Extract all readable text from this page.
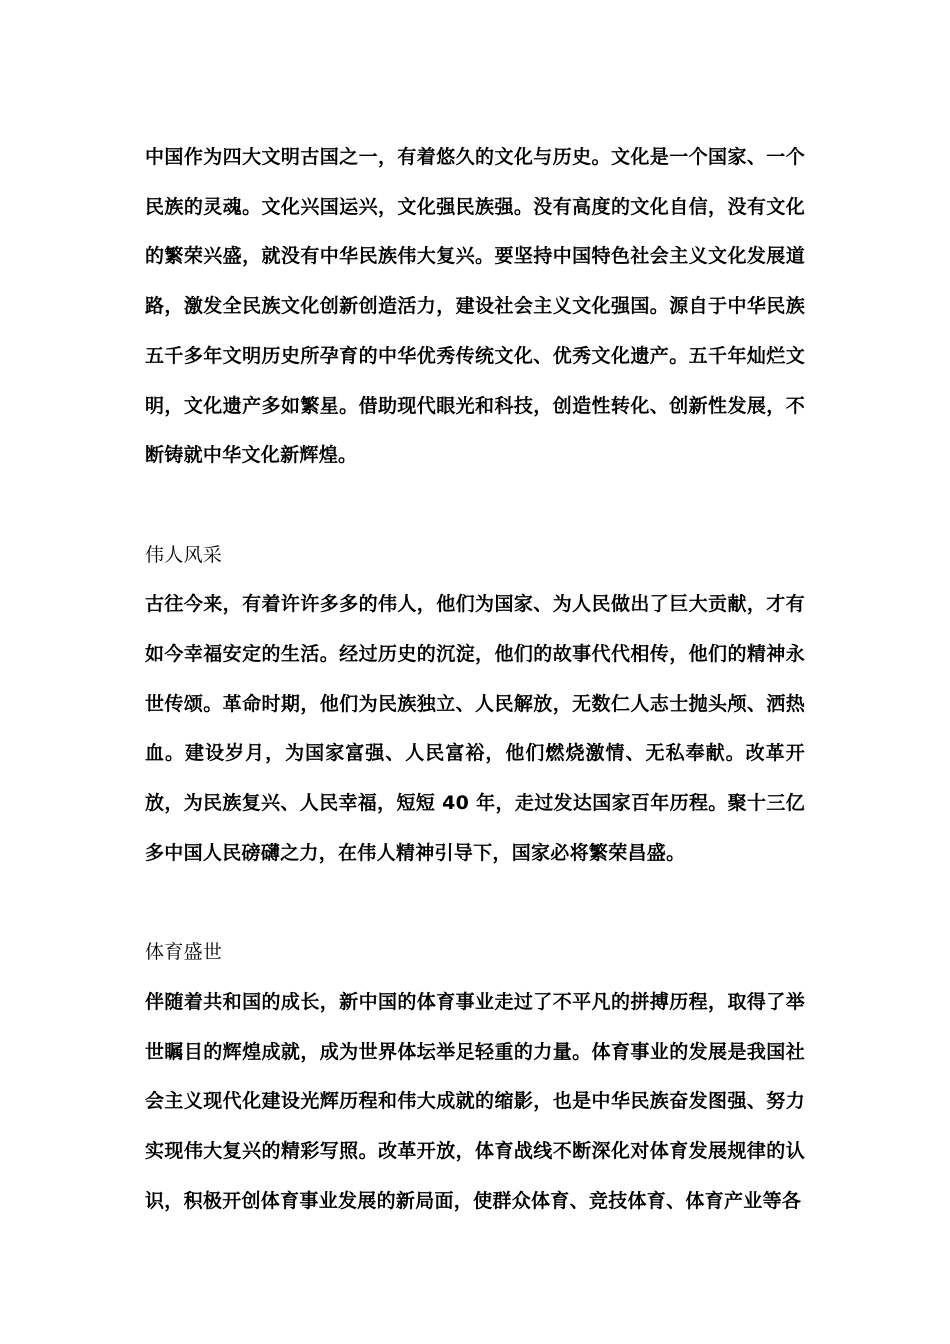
中国作为四大文明古国之一，有着悠久的文化与历史。文化是一个国家、一个民族的灵魂。文化兴国运兴，文化强民族强。没有高度的文化自信，没有文化的繁荣兴盛，就没有中华民族伟大复兴。要坚持中国特色社会主义文化发展道路，激发全民族文化创新创造活力，建设社会主义文化强国。源自于中华民族五千多年文明历史所孕育的中华优秀传统文化、优秀文化遗产。五千年灿烂文明，文化遗产多如繁星。借助现代眼光和科技，创造性转化、创新性发展，不断铸就中华文化新辉煌。

伟人风采

古往今来，有着许许多多的伟人，他们为国家、为人民做出了巨大贡献，才有如今幸福安定的生活。经过历史的沉淀，他们的故事代代相传，他们的精神永世传颂。革命时期，他们为民族独立、人民解放，无数仁人志士抛头颅、洒热血。建设岁月，为国家富强、人民富裕，他们燃烧激情、无私奉献。改革开放，为民族复兴、人民幸福，短短 40 年，走过发达国家百年历程。聚十三亿多中国人民磅礴之力，在伟人精神引导下，国家必将繁荣昌盛。

体育盛世

伴随着共和国的成长，新中国的体育事业走过了不平凡的拼搏历程，取得了举世瞩目的辉煌成就，成为世界体坛举足轻重的力量。体育事业的发展是我国社会主义现代化建设光辉历程和伟大成就的缩影，也是中华民族奋发图强、努力实现伟大复兴的精彩写照。改革开放，体育战线不断深化对体育发展规律的认识，积极开创体育事业发展的新局面，使群众体育、竞技体育、体育产业等各
